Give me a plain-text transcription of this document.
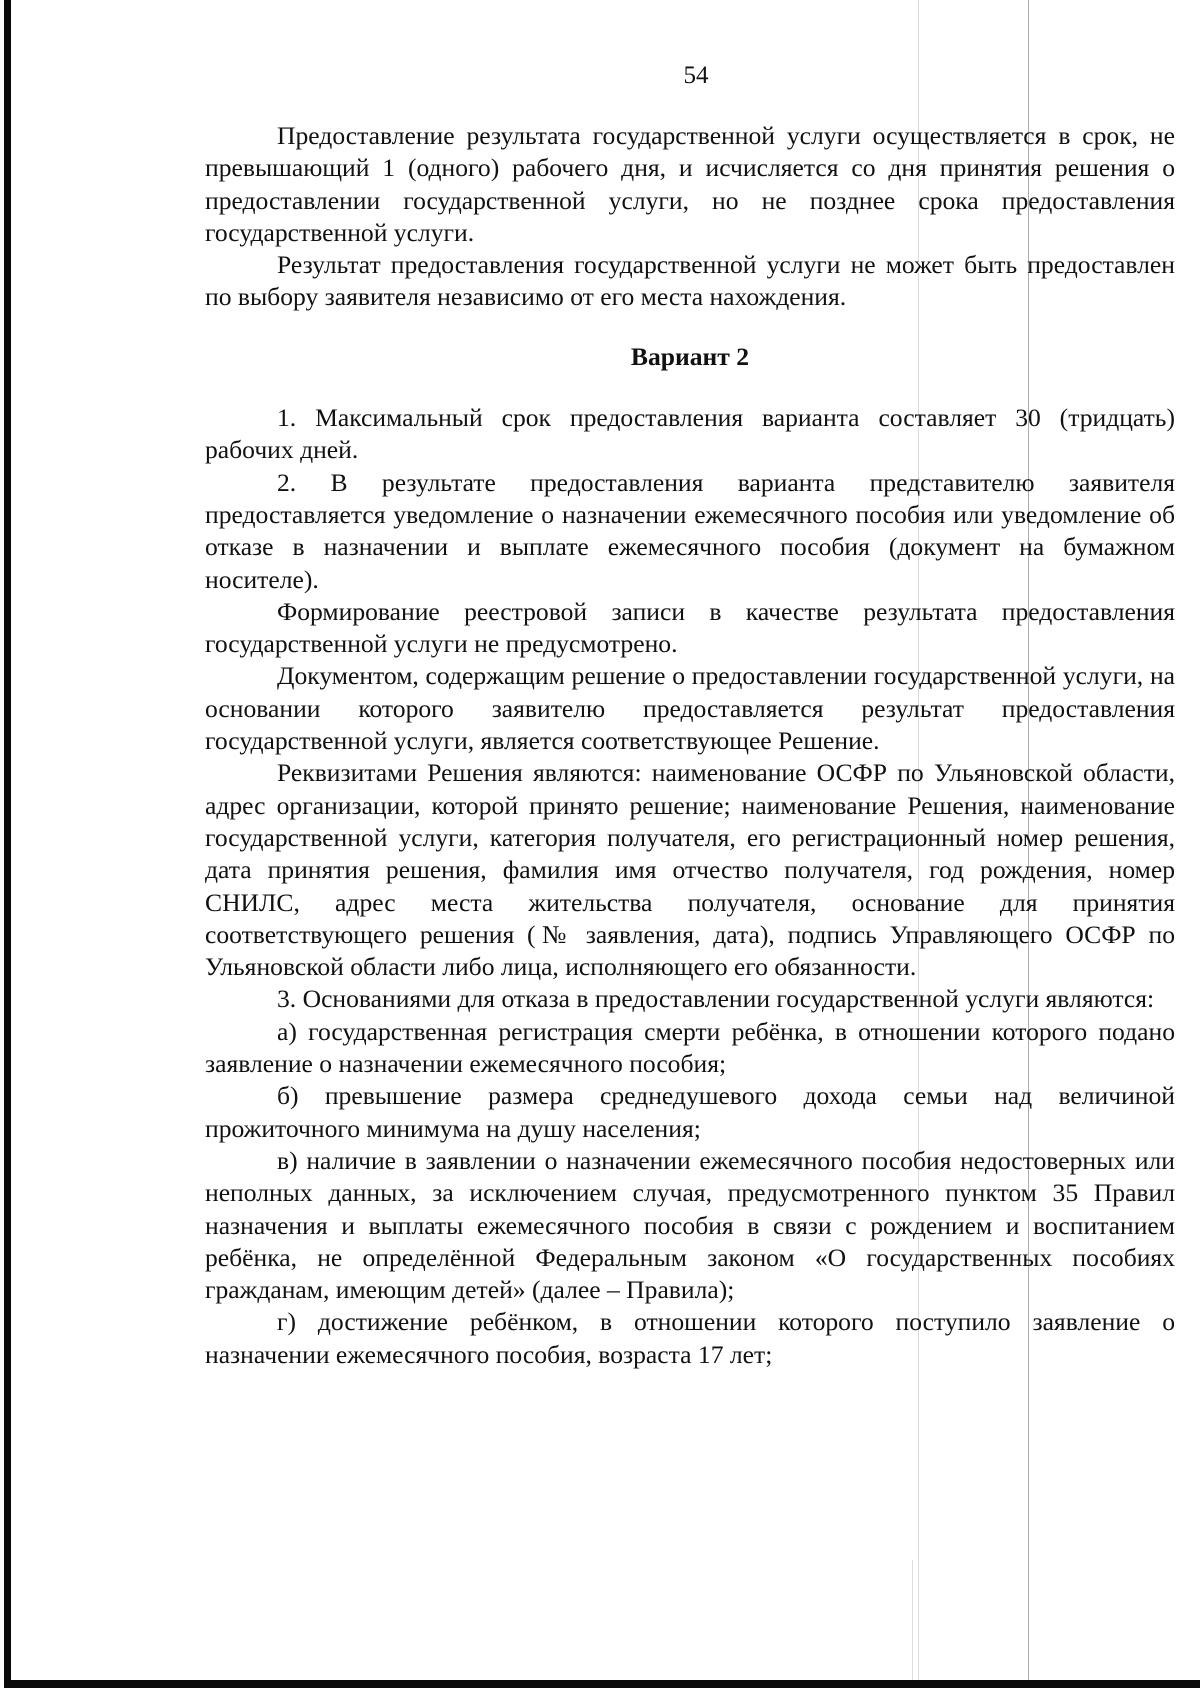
54

Предоставление результата государственной услуги осуществляется в срок, не превышающий 1 (одного) рабочего дня, и исчисляется со дня принятия решения о предоставлении государственной услуги, но не позднее срока предоставления государственной услуги.

Результат предоставления государственной услуги не может быть предоставлен по выбору заявителя независимо от его места нахождения.

Вариант 2

1. Максимальный срок предоставления варианта составляет 30 (тридцать) рабочих дней.

2. В результате предоставления варианта представителю заявителя предоставляется уведомление о назначении ежемесячного пособия или уведомление об отказе в назначении и выплате ежемесячного пособия (документ на бумажном носителе).

Формирование реестровой записи в качестве результата предоставления государственной услуги не предусмотрено.

Документом, содержащим решение о предоставлении государственной услуги, на основании которого заявителю предоставляется результат предоставления государственной услуги, является соответствующее Решение.

Реквизитами Решения являются: наименование ОСФР по Ульяновской области, адрес организации, которой принято решение; наименование Решения, наименование государственной услуги, категория получателя, его регистрационный номер решения, дата принятия решения, фамилия имя отчество получателя, год рождения, номер СНИЛС, адрес места жительства получателя, основание для принятия соответствующего решения (№ заявления, дата), подпись Управляющего ОСФР по Ульяновской области либо лица, исполняющего его обязанности.

3. Основаниями для отказа в предоставлении государственной услуги являются:

а) государственная регистрация смерти ребёнка, в отношении которого подано заявление о назначении ежемесячного пособия;

б) превышение размера среднедушевого дохода семьи над величиной прожиточного минимума на душу населения;

в) наличие в заявлении о назначении ежемесячного пособия недостоверных или неполных данных, за исключением случая, предусмотренного пунктом 35 Правил назначения и выплаты ежемесячного пособия в связи с рождением и воспитанием ребёнка, не определённой Федеральным законом «О государственных пособиях гражданам, имеющим детей» (далее – Правила);

г) достижение ребёнком, в отношении которого поступило заявление о назначении ежемесячного пособия, возраста 17 лет;
